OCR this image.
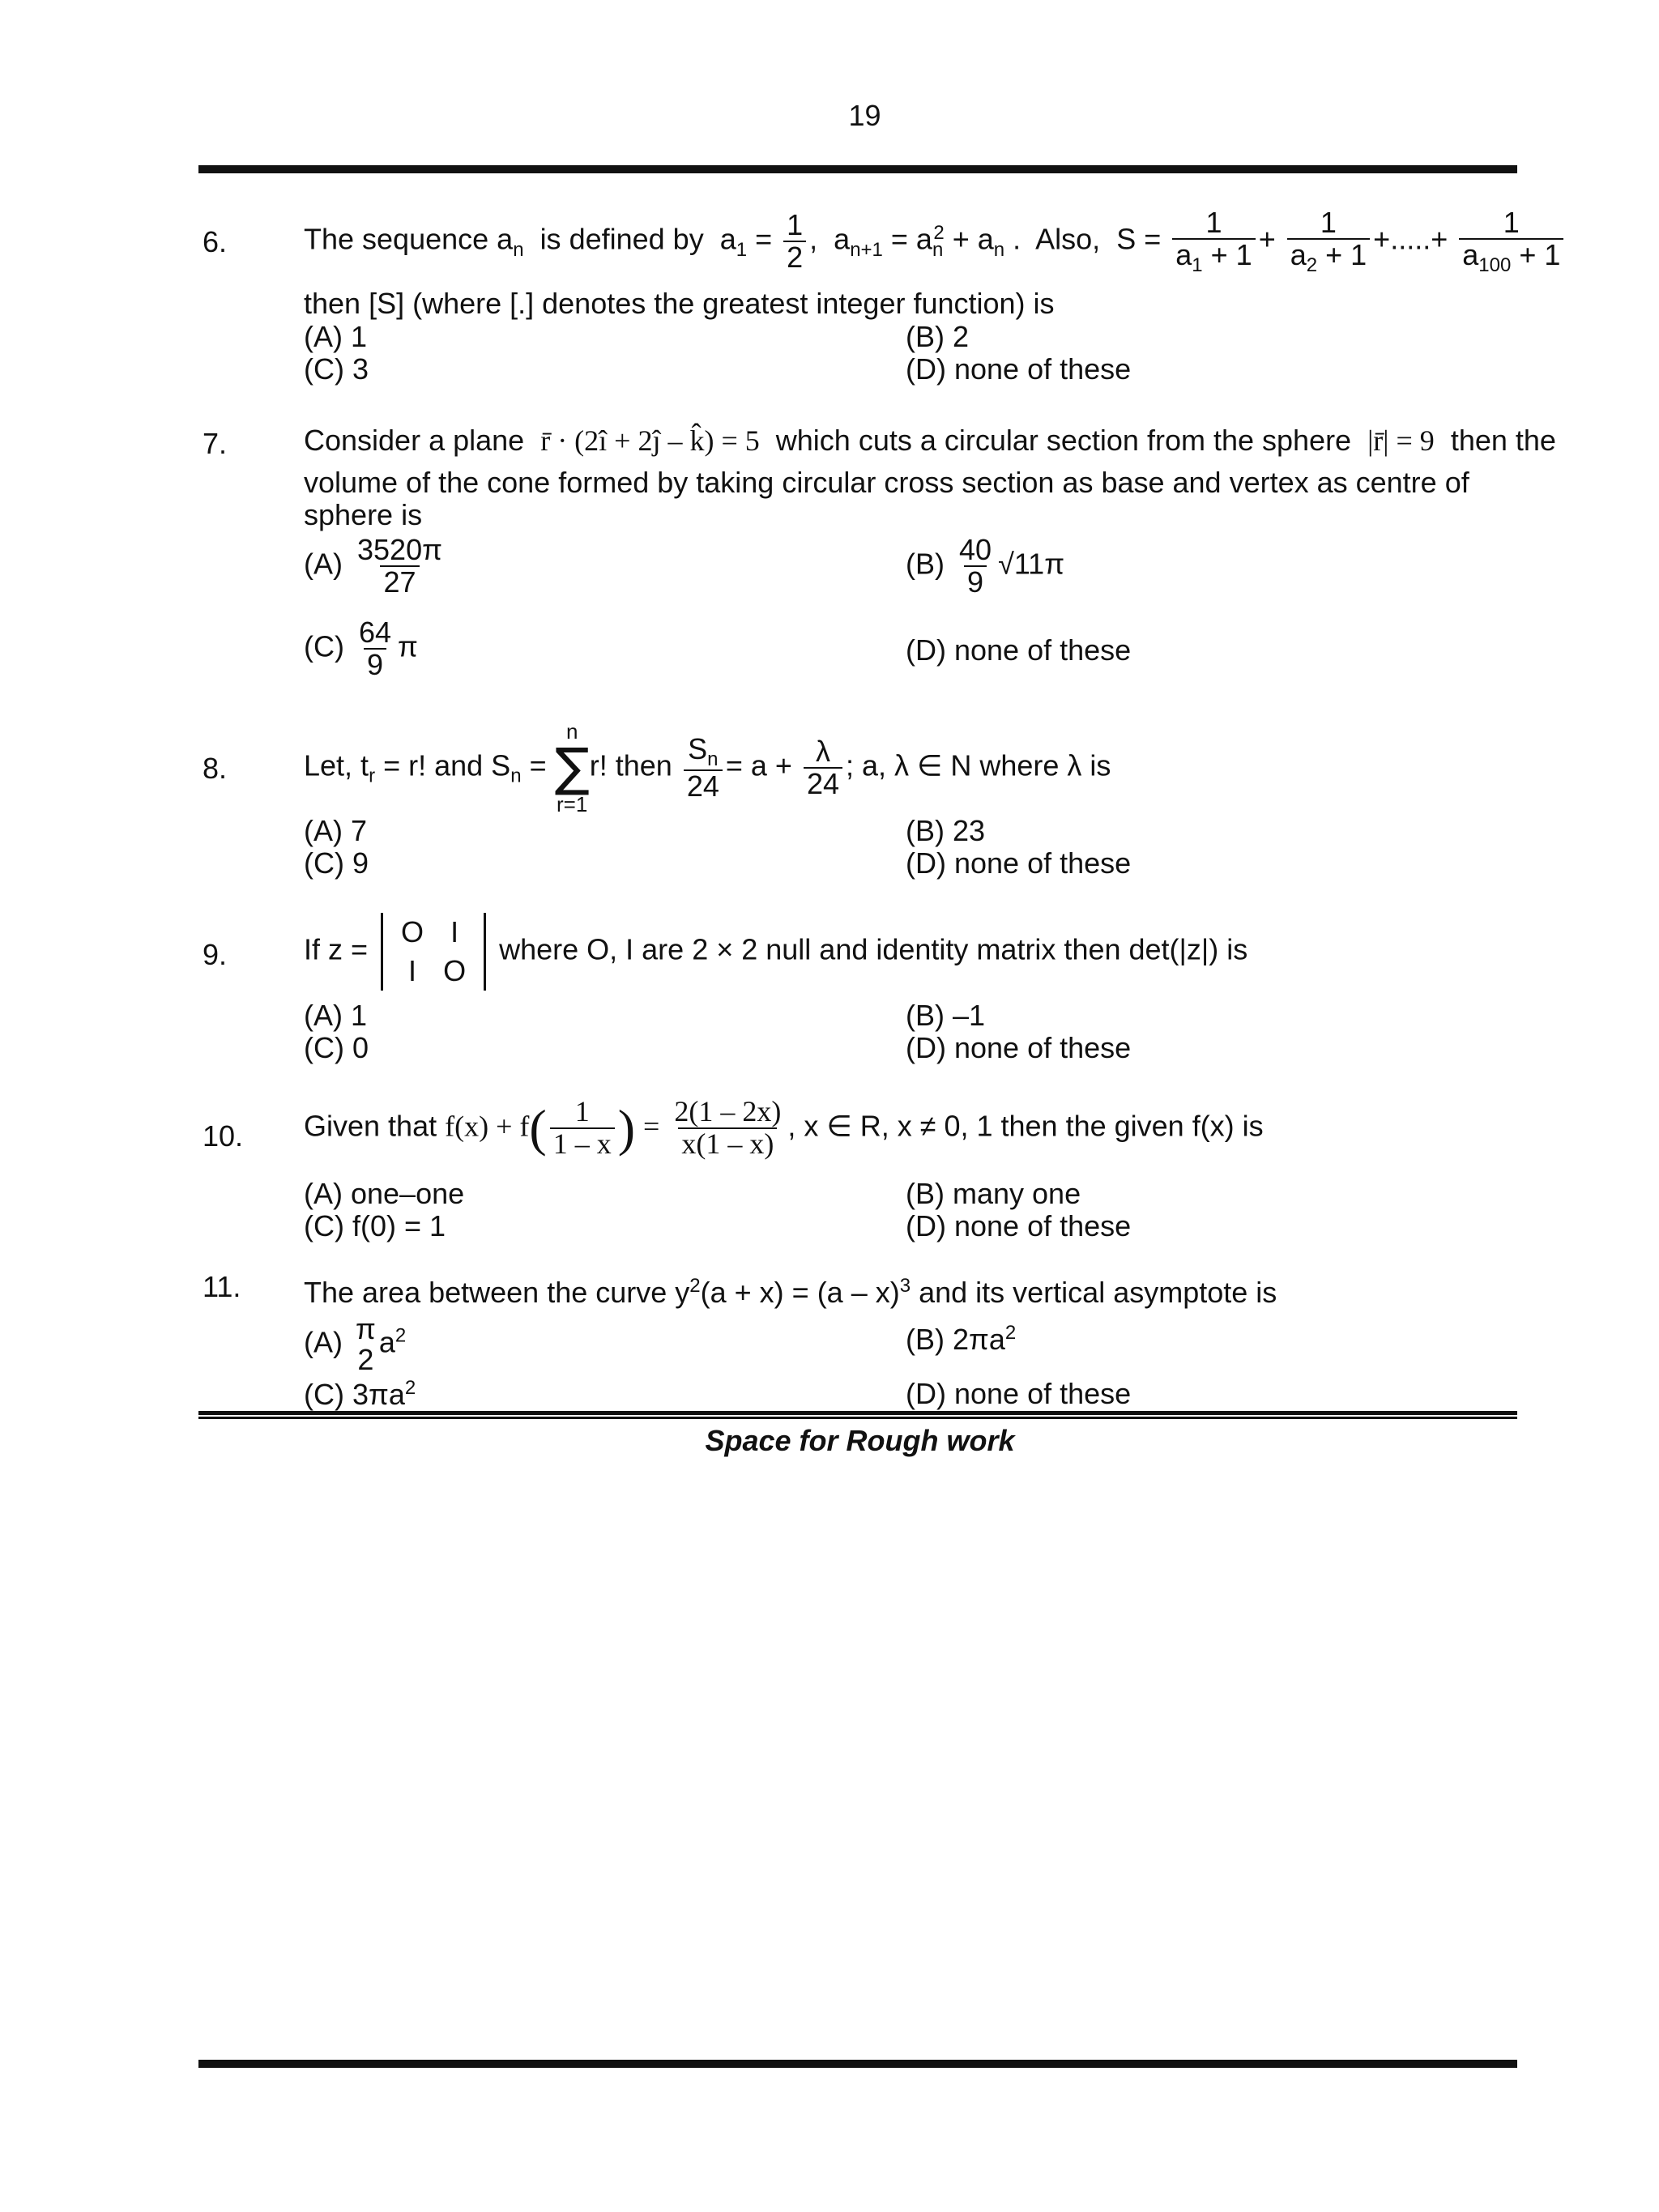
19
6.	The sequence $a_n$ is defined by  $a_1 = \frac{1}{2}$ ,  $a_{n+1} = a_n^2 + a_n$ .  Also,  $S = \frac{1}{a_1 + 1} + \frac{1}{a_2 + 1}$ +.....+ $\frac{1}{a_{100} + 1}$
then [S] (where [.] denotes the greatest integer function) is
(A) 1	(B) 2
(C) 3	(D) none of these
7.	Consider a plane r̄ · (2î + 2ĵ – k̂) = 5 which cuts a circular section from the sphere |r̄| = 9 then the
volume of the cone formed by taking circular cross section as base and vertex as centre of
sphere is
$(A) \frac{3520\pi}{27}$	$(B) \frac{40}{9} √11\pi$
$(C) \frac{64}{9}$ π	(D) none of these
8.	Let, $t_r = r$! and $S_n$ =
n
∑
r=1
r! then $\frac{S_n}{24} = a + \frac{\lambda}{24}$ ; a, λ ∈ N where λ is
(A) 7	(B) 23
(C) 9	(D) none of these
9.	If z =
O	I
I	O
where O, I are 2 × 2 null and identity matrix then det(|z|) is
(A) 1	(B) –1
(C) 0	(D) none of these
10. Given that $f(x) + f( \frac{1}{1 - x}$ ) = $\frac{2(1 - 2x)}{x(1 - x)}$ , x ∈ R, x ≠ 0, 1 then the given f(x) is
(A) one–one	(B) many one
(C) f(0) = 1	(D) none of these
11. The area between the curve $y^2(a + x) = (a - x)^3$ and its vertical asymptote is
(A) π
2
$a^2$	(B) $2\pi a^2$
(C) $3\pi a^2$	(D) none of these
Space for Rough work
